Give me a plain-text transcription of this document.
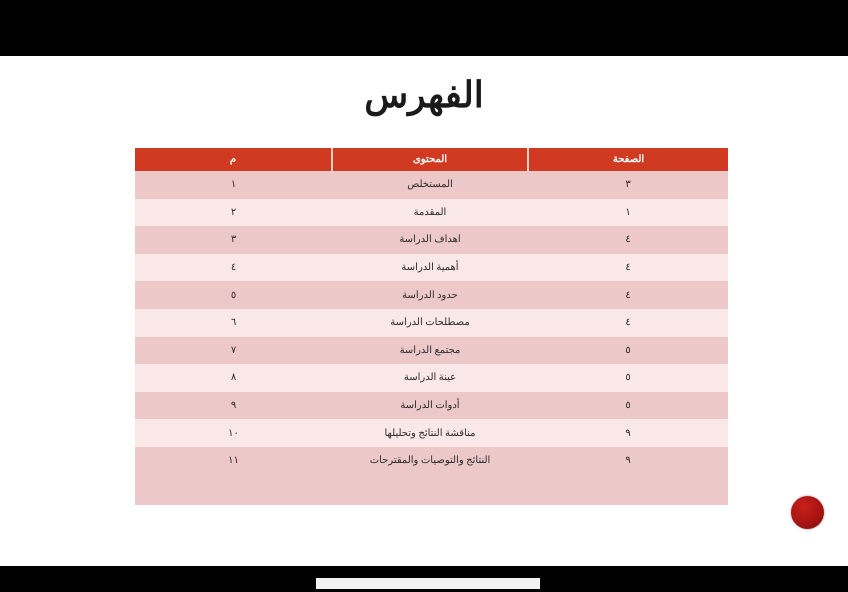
الفهرس
الصفحة	المحتوى	م
٣	المستخلص	١
١	المقدمة	٢
٤	اهداف الدراسة	٣
٤	أهمية الدراسة	٤
٤	حدود الدراسة	٥
٤	مصطلحات الدراسة	٦
٥	مجتمع الدراسة	٧
٥	عينة الدراسة	٨
٥	أدوات الدراسة	٩
٩	مناقشة النتائج وتحليلها	١٠
٩	النتائج والتوصيات والمقترحات	١١
